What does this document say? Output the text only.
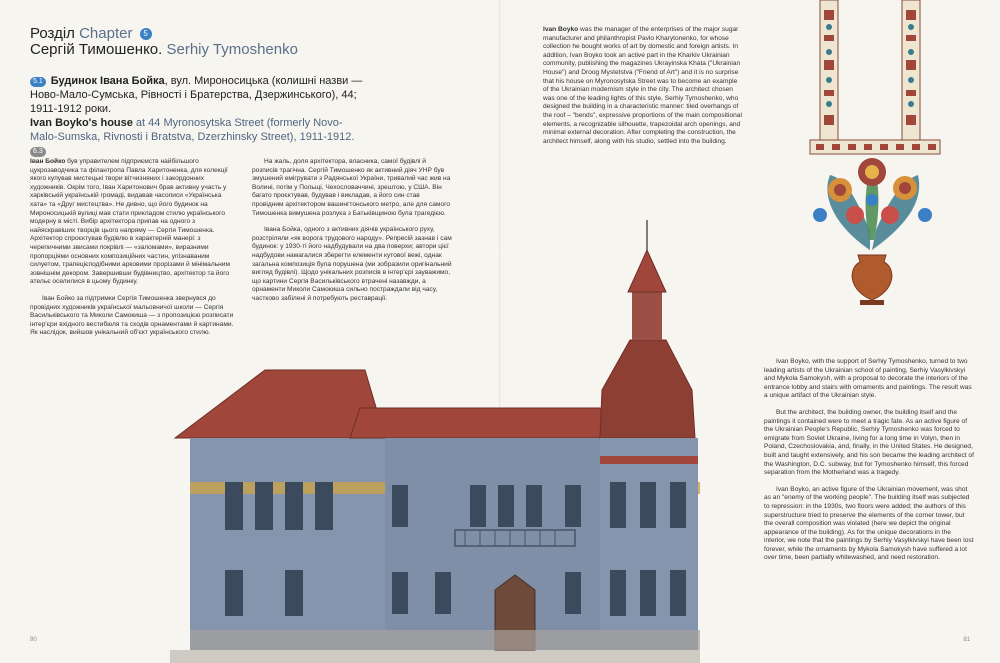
Розділ Chapter 5
Сергій Тимошенко. Serhiy Tymoshenko
5.1 Будинок Івана Бойка, вул. Мироносицька (колишні назви — Ново-Мало-Сумська, Рівності і Братерства, Дзержинського), 44; 1911-1912 роки.
Ivan Boyko's house at 44 Myronosytska Street (formerly Novo-Malo-Sumska, Rivnosti i Bratstva, Dzerzhinsky Street), 1911-1912. 6.3

Іван Бойко був управителем підприємств найбільшого цукрозаводчика та філантропа Павла Харитоненка, для колекції якого купував мистецькі твори вітчизняних і закордонних художників. Окрім того, Іван Харитонович брав активну участь у харківській українській громаді, видавав часописи «Українська хата» та «Друг мистецтва». Не дивно, що його будинок на Мироносицькій вулиці мав стати прикладом стилю українського модерну в місті. Вибір архітектора припав на одного з найяскравіших творців цього напряму — Сергія Тимошенка. Архітектор спроєктував будівлю в характерній манері: з черепичними звисами покрівлі — «заломами», виразними пропорціями основних композиційних частин, упізнаваним силуетом, трапецієподібними арковими прорізами й мінімальним зовнішнім декором. Завершивши будівництво, архітектор та його ательє оселилися в цьому будинку.

Іван Бойко за підтримки Сергія Тимошенка звернувся до провідних художників української мальовничої школи — Сергія Васильківського та Миколи Самокиша — з пропозицією розписати інтер'єри вхідного вестибюля та сходів орнаментами й картинами. Як наслідок, вийшов унікальний об'єкт українського стилю.

На жаль, доля архітектора, власника, самої будівлі й розписів трагічна. Сергій Тимошенко як активний діяч УНР був змушений емігрувати з Радянської України, тривалий час жив на Волині, потім у Польщі, Чехословаччині, зрештою, у США. Він багато проєктував, будував і викладав, а його син став провідним архітектором вашингтонського метро, але для самого Тимошенка вимушена розлука з Батьківщиною була трагедією.

Івана Бойка, одного з активних діячів українського руху, розстріляли «як ворога трудового народу». Репресій зазнав і сам будинок: у 1930-ті його надбудували на два поверхи; автори цієї надбудови намагалися зберегти елементи кутової вежі, однак загальна композиція була порушена (ми зобразили оригінальний вигляд будівлі). Щодо унікальних розписів в інтер'єрі зауважимо, що картини Сергія Васильківського втрачені назавжди, а орнаменти Миколи Самокиша сильно постраждали від часу, частково забілені й потребують реставрації.

Ivan Boyko was the manager of the enterprises of the major sugar manufacturer and philanthropist Pavlo Kharytonenko, for whose collection he bought works of art by domestic and foreign artists. In addition, Ivan Boyko took an active part in the Kharkiv Ukrainian community, publishing the magazines Ukrayinska Khata ("Ukrainian House") and Droog Mystetstva ("Friend of Art") and it is no surprise that his house on Myronosytska Street was to become an example of the Ukrainian modernism style in the city. The architect chosen was one of the leading lights of this style, Serhiy Tymoshenko, who designed the building in a characteristic manner: tiled overhangs of the roof – "bends", expressive proportions of the main compositional elements, a recognizable silhouette, trapezoidal arch openings, and minimal external decoration. After completing the construction, the architect himself, along with his studio, settled into the building.

Ivan Boyko, with the support of Serhiy Tymoshenko, turned to two leading artists of the Ukrainian school of painting, Serhiy Vasylkivskyi and Mykola Samokysh, with a proposal to decorate the interiors of the entrance lobby and stairs with ornaments and paintings. The result was a unique artifact of the Ukrainian style.

But the architect, the building owner, the building itself and the paintings it contained were to meet a tragic fate. As an active figure of the Ukrainian People's Republic, Serhiy Tymoshenko was forced to emigrate from Soviet Ukraine, living for a long time in Volyn, then in Poland, Czechoslovakia, and, finally, in the United States. He designed, built and taught extensively, and his son became the leading architect of the Washington, D.C. subway, but for Tymoshenko himself, this forced separation from the Motherland was a tragedy.

Ivan Boyko, an active figure of the Ukrainian movement, was shot as an "enemy of the working people". The building itself was subjected to repression: in the 1930s, two floors were added; the authors of this superstructure tried to preserve the elements of the corner tower, but the overall composition was violated (here we depict the original appearance of the building). As for the unique decorations in the interior, we note that the paintings by Serhiy Vasylkivskyi have been lost forever, while the ornaments by Mykola Samokysh have suffered a lot over time, been partially whitewashed, and need restoration.

80	81
